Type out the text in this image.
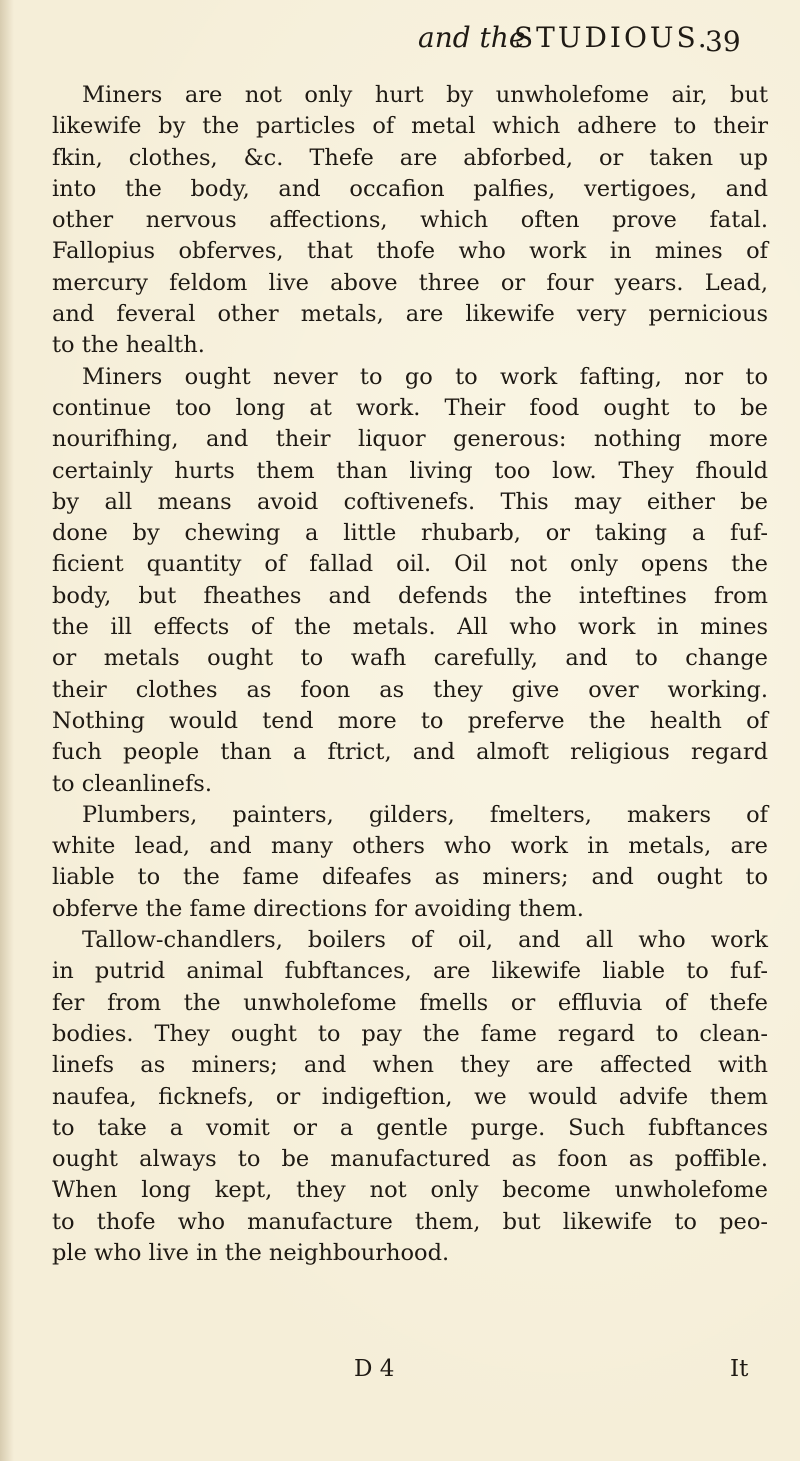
and the
STUDIOUS.
39
Miners are not only hurt by unwholefome air, but
likewife by the particles of metal which adhere to their
fkin, clothes, &c. Thefe are abforbed, or taken up
into the body, and occafion palfies, vertigoes, and
other nervous affections, which often prove fatal.
Fallopius obferves, that thofe who work in mines of
mercury feldom live above three or four years. Lead,
and feveral other metals, are likewife very pernicious
to the health.
Miners ought never to go to work fafting, nor to
continue too long at work. Their food ought to be
nourifhing, and their liquor generous: nothing more
certainly hurts them than living too low. They fhould
by all means avoid coftivenefs. This may either be
done by chewing a little rhubarb, or taking a fuf-
ficient quantity of fallad oil. Oil not only opens the
body, but fheathes and defends the inteftines from
the ill effects of the metals. All who work in mines
or metals ought to wafh carefully, and to change
their clothes as foon as they give over working.
Nothing would tend more to preferve the health of
fuch people than a ftrict, and almoft religious regard
to cleanlinefs.
Plumbers, painters, gilders, fmelters, makers of
white lead, and many others who work in metals, are
liable to the fame difeafes as miners; and ought to
obferve the fame directions for avoiding them.
Tallow-chandlers, boilers of oil, and all who work
in putrid animal fubftances, are likewife liable to fuf-
fer from the unwholefome fmells or effluvia of thefe
bodies. They ought to pay the fame regard to clean-
linefs as miners; and when they are affected with
naufea, ficknefs, or indigeftion, we would advife them
to take a vomit or a gentle purge. Such fubftances
ought always to be manufactured as foon as poffible.
When long kept, they not only become unwholefome
to thofe who manufacture them, but likewife to peo-
ple who live in the neighbourhood.
D 4	It
